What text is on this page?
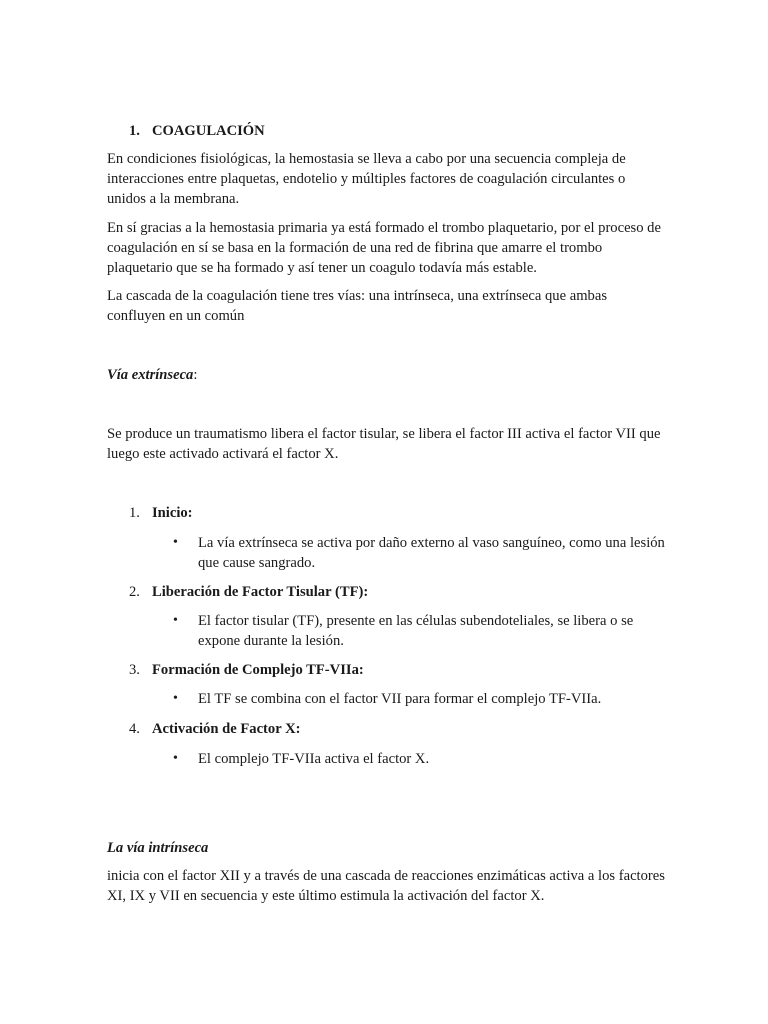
1. COAGULACIÓN

En condiciones fisiológicas, la hemostasia se lleva a cabo por una secuencia compleja de interacciones entre plaquetas, endotelio y múltiples factores de coagulación circulantes o unidos a la membrana.

En sí gracias a la hemostasia primaria ya está formado el trombo plaquetario, por el proceso de coagulación en sí se basa en la formación de una red de fibrina que amarre el trombo plaquetario que se ha formado y así tener un coagulo todavía más estable.

La cascada de la coagulación tiene tres vías: una intrínseca, una extrínseca que ambas confluyen en un común

Vía extrínseca:

Se produce un traumatismo libera el factor tisular, se libera el factor III activa el factor VII que luego este activado activará el factor X.

1. Inicio:
• La vía extrínseca se activa por daño externo al vaso sanguíneo, como una lesión que cause sangrado.

2. Liberación de Factor Tisular (TF):
• El factor tisular (TF), presente en las células subendoteliales, se libera o se expone durante la lesión.

3. Formación de Complejo TF-VIIa:
• El TF se combina con el factor VII para formar el complejo TF-VIIa.

4. Activación de Factor X:
• El complejo TF-VIIa activa el factor X.

La vía intrínseca

inicia con el factor XII y a través de una cascada de reacciones enzimáticas activa a los factores XI, IX y VII en secuencia y este último estimula la activación del factor X.
